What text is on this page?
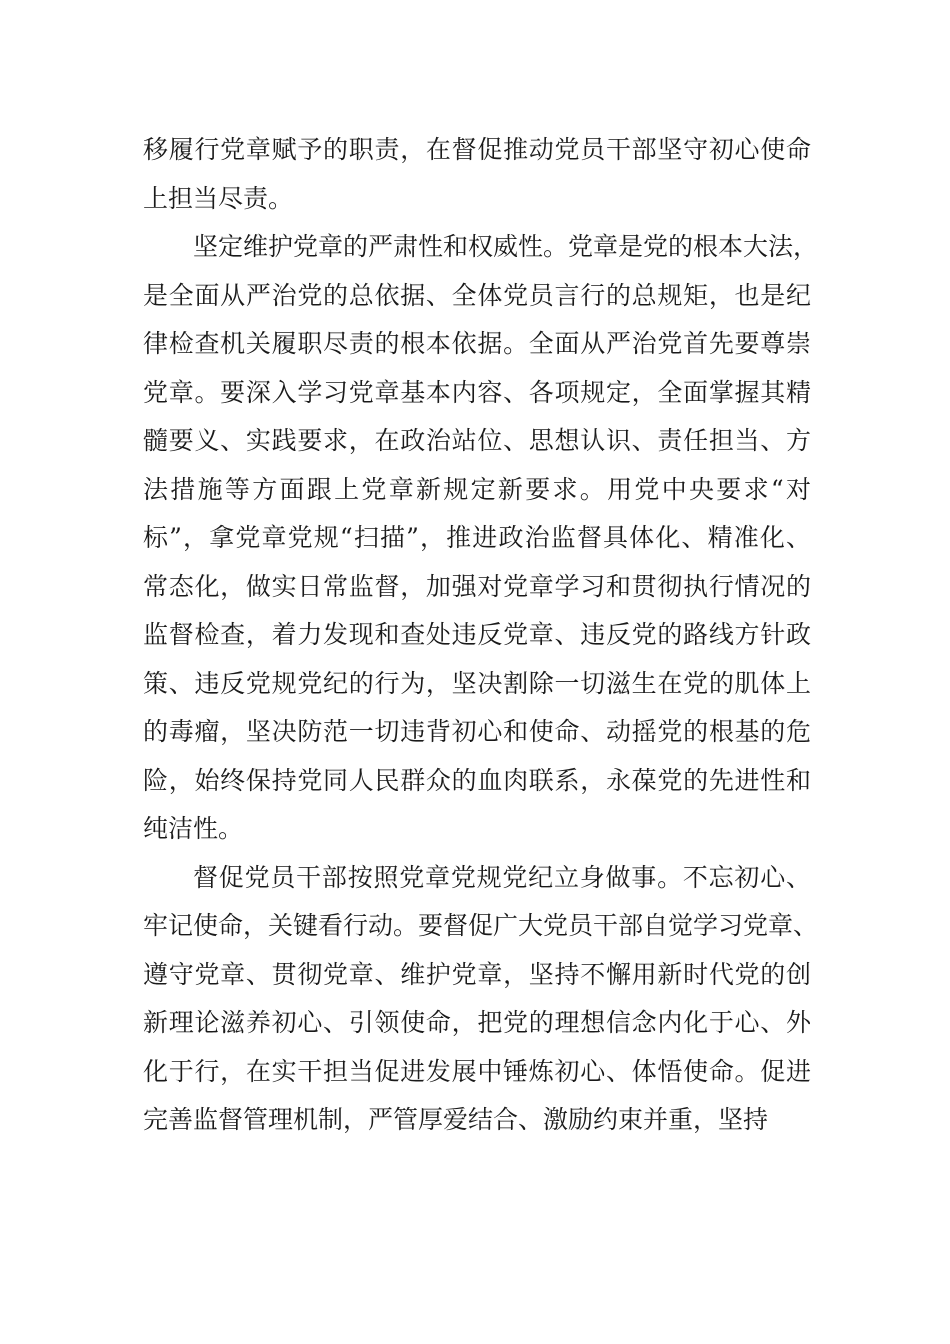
移履行党章赋予的职责，在督促推动党员干部坚守初心使命
上担当尽责。
坚定维护党章的严肃性和权威性。党章是党的根本大法，
是全面从严治党的总依据、全体党员言行的总规矩，也是纪
律检查机关履职尽责的根本依据。全面从严治党首先要尊崇
党章。要深入学习党章基本内容、各项规定，全面掌握其精
髓要义、实践要求，在政治站位、思想认识、责任担当、方
法措施等方面跟上党章新规定新要求。用党中央要求“对
标”，拿党章党规“扫描”，推进政治监督具体化、精准化、
常态化，做实日常监督，加强对党章学习和贯彻执行情况的
监督检查，着力发现和查处违反党章、违反党的路线方针政
策、违反党规党纪的行为，坚决割除一切滋生在党的肌体上
的毒瘤，坚决防范一切违背初心和使命、动摇党的根基的危
险，始终保持党同人民群众的血肉联系，永葆党的先进性和
纯洁性。
督促党员干部按照党章党规党纪立身做事。不忘初心、
牢记使命，关键看行动。要督促广大党员干部自觉学习党章、
遵守党章、贯彻党章、维护党章，坚持不懈用新时代党的创
新理论滋养初心、引领使命，把党的理想信念内化于心、外
化于行，在实干担当促进发展中锤炼初心、体悟使命。促进
完善监督管理机制，严管厚爱结合、激励约束并重，坚持
